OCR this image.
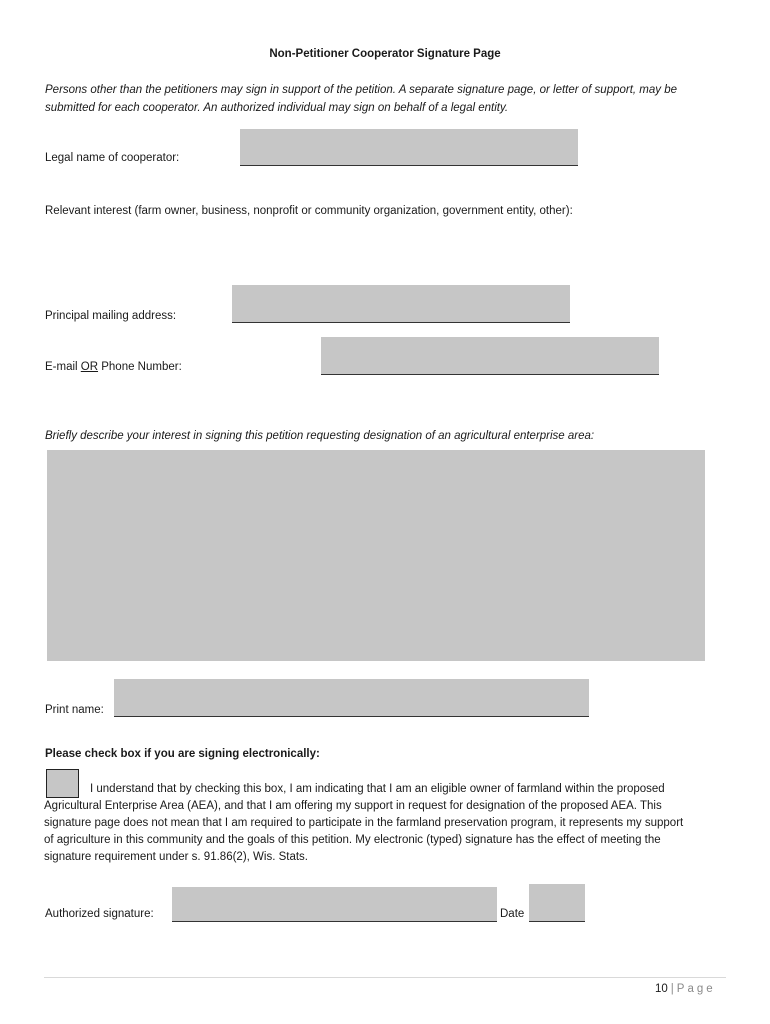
Non-Petitioner Cooperator Signature Page
Persons other than the petitioners may sign in support of the petition. A separate signature page, or letter of support, may be submitted for each cooperator. An authorized individual may sign on behalf of a legal entity.
Legal name of cooperator:
Relevant interest (farm owner, business, nonprofit or community organization, government entity, other):
Principal mailing address:
E-mail OR Phone Number:
Briefly describe your interest in signing this petition requesting designation of an agricultural enterprise area:
Print name:
Please check box if you are signing electronically:
I understand that by checking this box, I am indicating that I am an eligible owner of farmland within the proposed Agricultural Enterprise Area (AEA), and that I am offering my support in request for designation of the proposed AEA. This signature page does not mean that I am required to participate in the farmland preservation program, it represents my support of agriculture in this community and the goals of this petition. My electronic (typed) signature has the effect of meeting the signature requirement under s. 91.86(2), Wis. Stats.
Authorized signature:	Date
10 | Page
